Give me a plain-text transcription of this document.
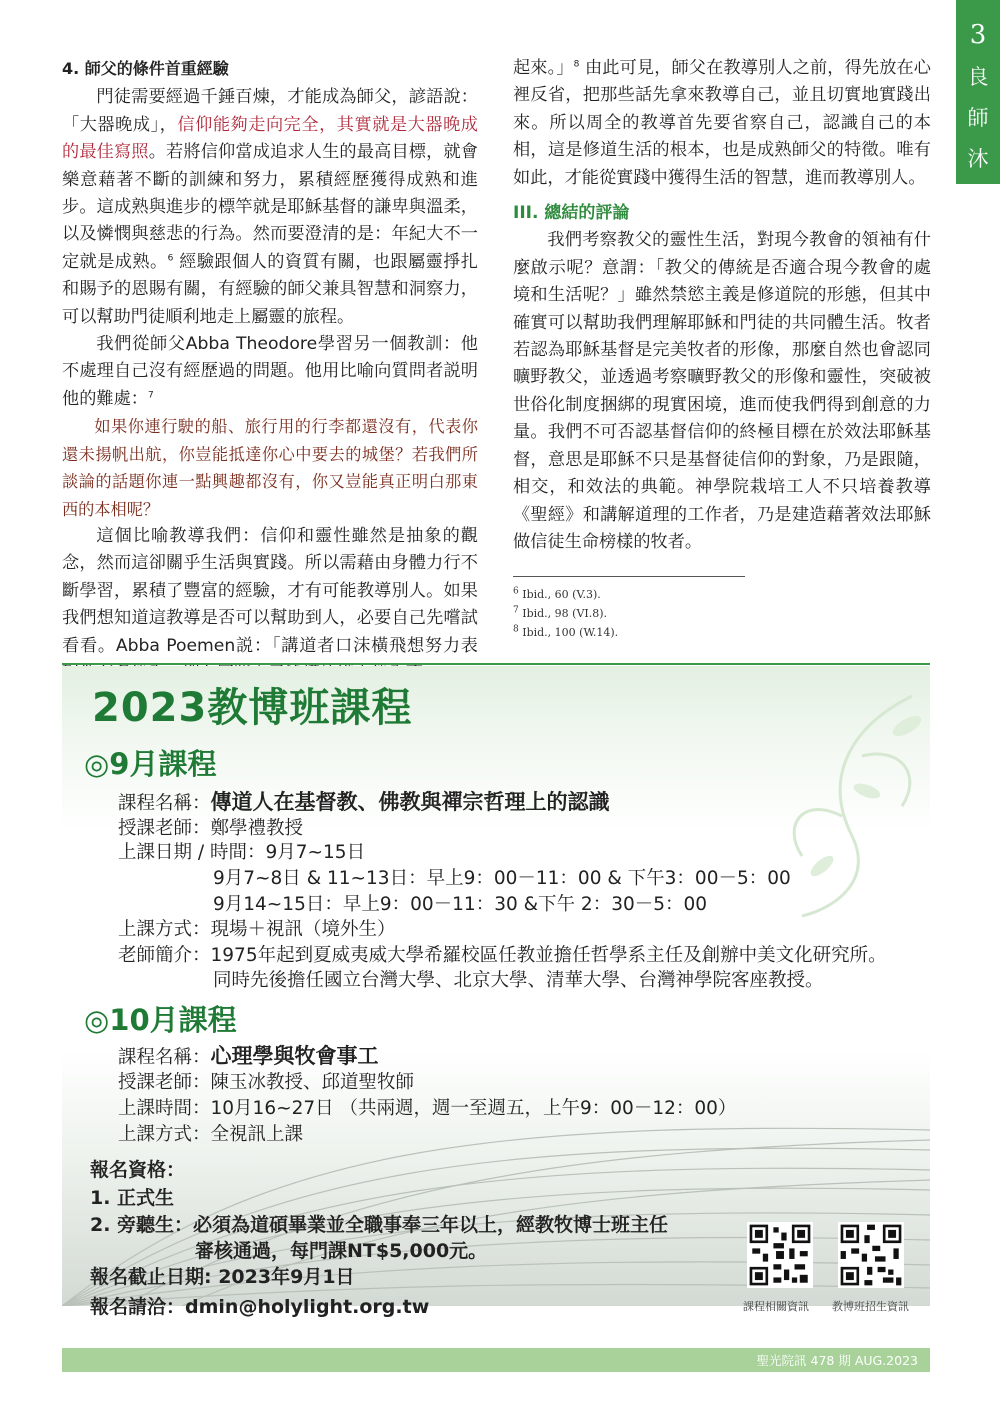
3
良
師
沐
語
4. 師父的條件首重經驗

門徒需要經過千錘百煉，才能成為師父，諺語說：「大器晚成」，信仰能夠走向完全，其實就是大器晚成的最佳寫照。若將信仰當成追求人生的最高目標，就會樂意藉著不斷的訓練和努力，累積經歷獲得成熟和進步。這成熟與進步的標竿就是耶穌基督的謙卑與溫柔，以及憐憫與慈悲的行為。然而要澄清的是：年紀大不一定就是成熟。$^6$ 經驗跟個人的資質有關，也跟屬靈掙扎和賜予的恩賜有關，有經驗的師父兼具智慧和洞察力，可以幫助門徒順利地走上屬靈的旅程。

我們從師父Abba Theodore學習另一個教訓：他不處理自己沒有經歷過的問題。他用比喻向質問者説明他的難處：$^7$

如果你連行駛的船、旅行用的行李都還沒有，代表你還未揚帆出航，你豈能抵達你心中要去的城堡？若我們所談論的話題你連一點興趣都沒有，你又豈能真正明白那東西的本相呢？

這個比喻教導我們：信仰和靈性雖然是抽象的觀念，然而這卻關乎生活與實踐。所以需藉由身體力行不斷學習，累積了豐富的經驗，才有可能教導別人。如果我們想知道這教導是否可以幫助到人，必要自己先嚐試看看。Abba Poemen説：「講道者口沫橫飛想努力表

起來。」$^8$ 由此可見，師父在教導別人之前，得先放在心裡反省，把那些話先拿來教導自己，並且切實地實踐出來。所以周全的教導首先要省察自己，認識自己的本相，這是修道生活的根本，也是成熟師父的特徵。唯有如此，才能從實踐中獲得生活的智慧，進而教導別人。

III. 總結的評論

我們考察教父的靈性生活，對現今教會的領袖有什麼啟示呢？意謂：「教父的傳統是否適合現今教會的處境和生活呢？」雖然禁慾主義是修道院的形態，但其中確實可以幫助我們理解耶穌和門徒的共同體生活。牧者若認為耶穌基督是完美牧者的形像，那麼自然也會認同曠野教父，並透過考察曠野教父的形像和靈性，突破被世俗化制度捆綁的現實困境，進而使我們得到創意的力量。我們不可否認基督信仰的終極目標在於效法耶穌基督，意思是耶穌不只是基督徒信仰的對象，乃是跟隨，相交，和效法的典範。神學院栽培工人不只培養教導《聖經》和講解道理的工作者，乃是建造藉著效法耶穌做信徒生命榜樣的牧者。

$^6$ Ibid., 60 (V.3).
$^7$ Ibid., 98 (VI.8).
$^8$ Ibid., 100 (W.14).
2023教博班課程
◎9月課程
課程名稱：傳道人在基督教、佛教與禪宗哲理上的認識
授課老師：鄭學禮教授
上課日期 / 時間：9月7~15日
9月7~8日 & 11~13日：早上9：00－11：00 & 下午3：00－5：00
9月14~15日：早上9：00－11：30 &下午 2：30－5：00
上課方式：現場＋視訊（境外生）
老師簡介：1975年起到夏威夷威大學希羅校區任教並擔任哲學系主任及創辦中美文化研究所。
同時先後擔任國立台灣大學、北京大學、清華大學、台灣神學院客座教授。
◎10月課程
課程名稱：心理學與牧會事工
授課老師：陳玉冰教授、邱道聖牧師
上課時間：10月16~27日 （共兩週，週一至週五，上午9：00－12：00）
上課方式：全視訊上課
報名資格：
1. 正式生
2. 旁聽生：必須為道碩畢業並全職事奉三年以上，經教牧博士班主任
審核通過，每門課NT$5,000元。
報名截止日期: 2023年9月1日
報名請洽：dmin@holylight.org.tw	課程相關資訊 教博班招生資訊
聖光院訊 478 期 AUG.2023
